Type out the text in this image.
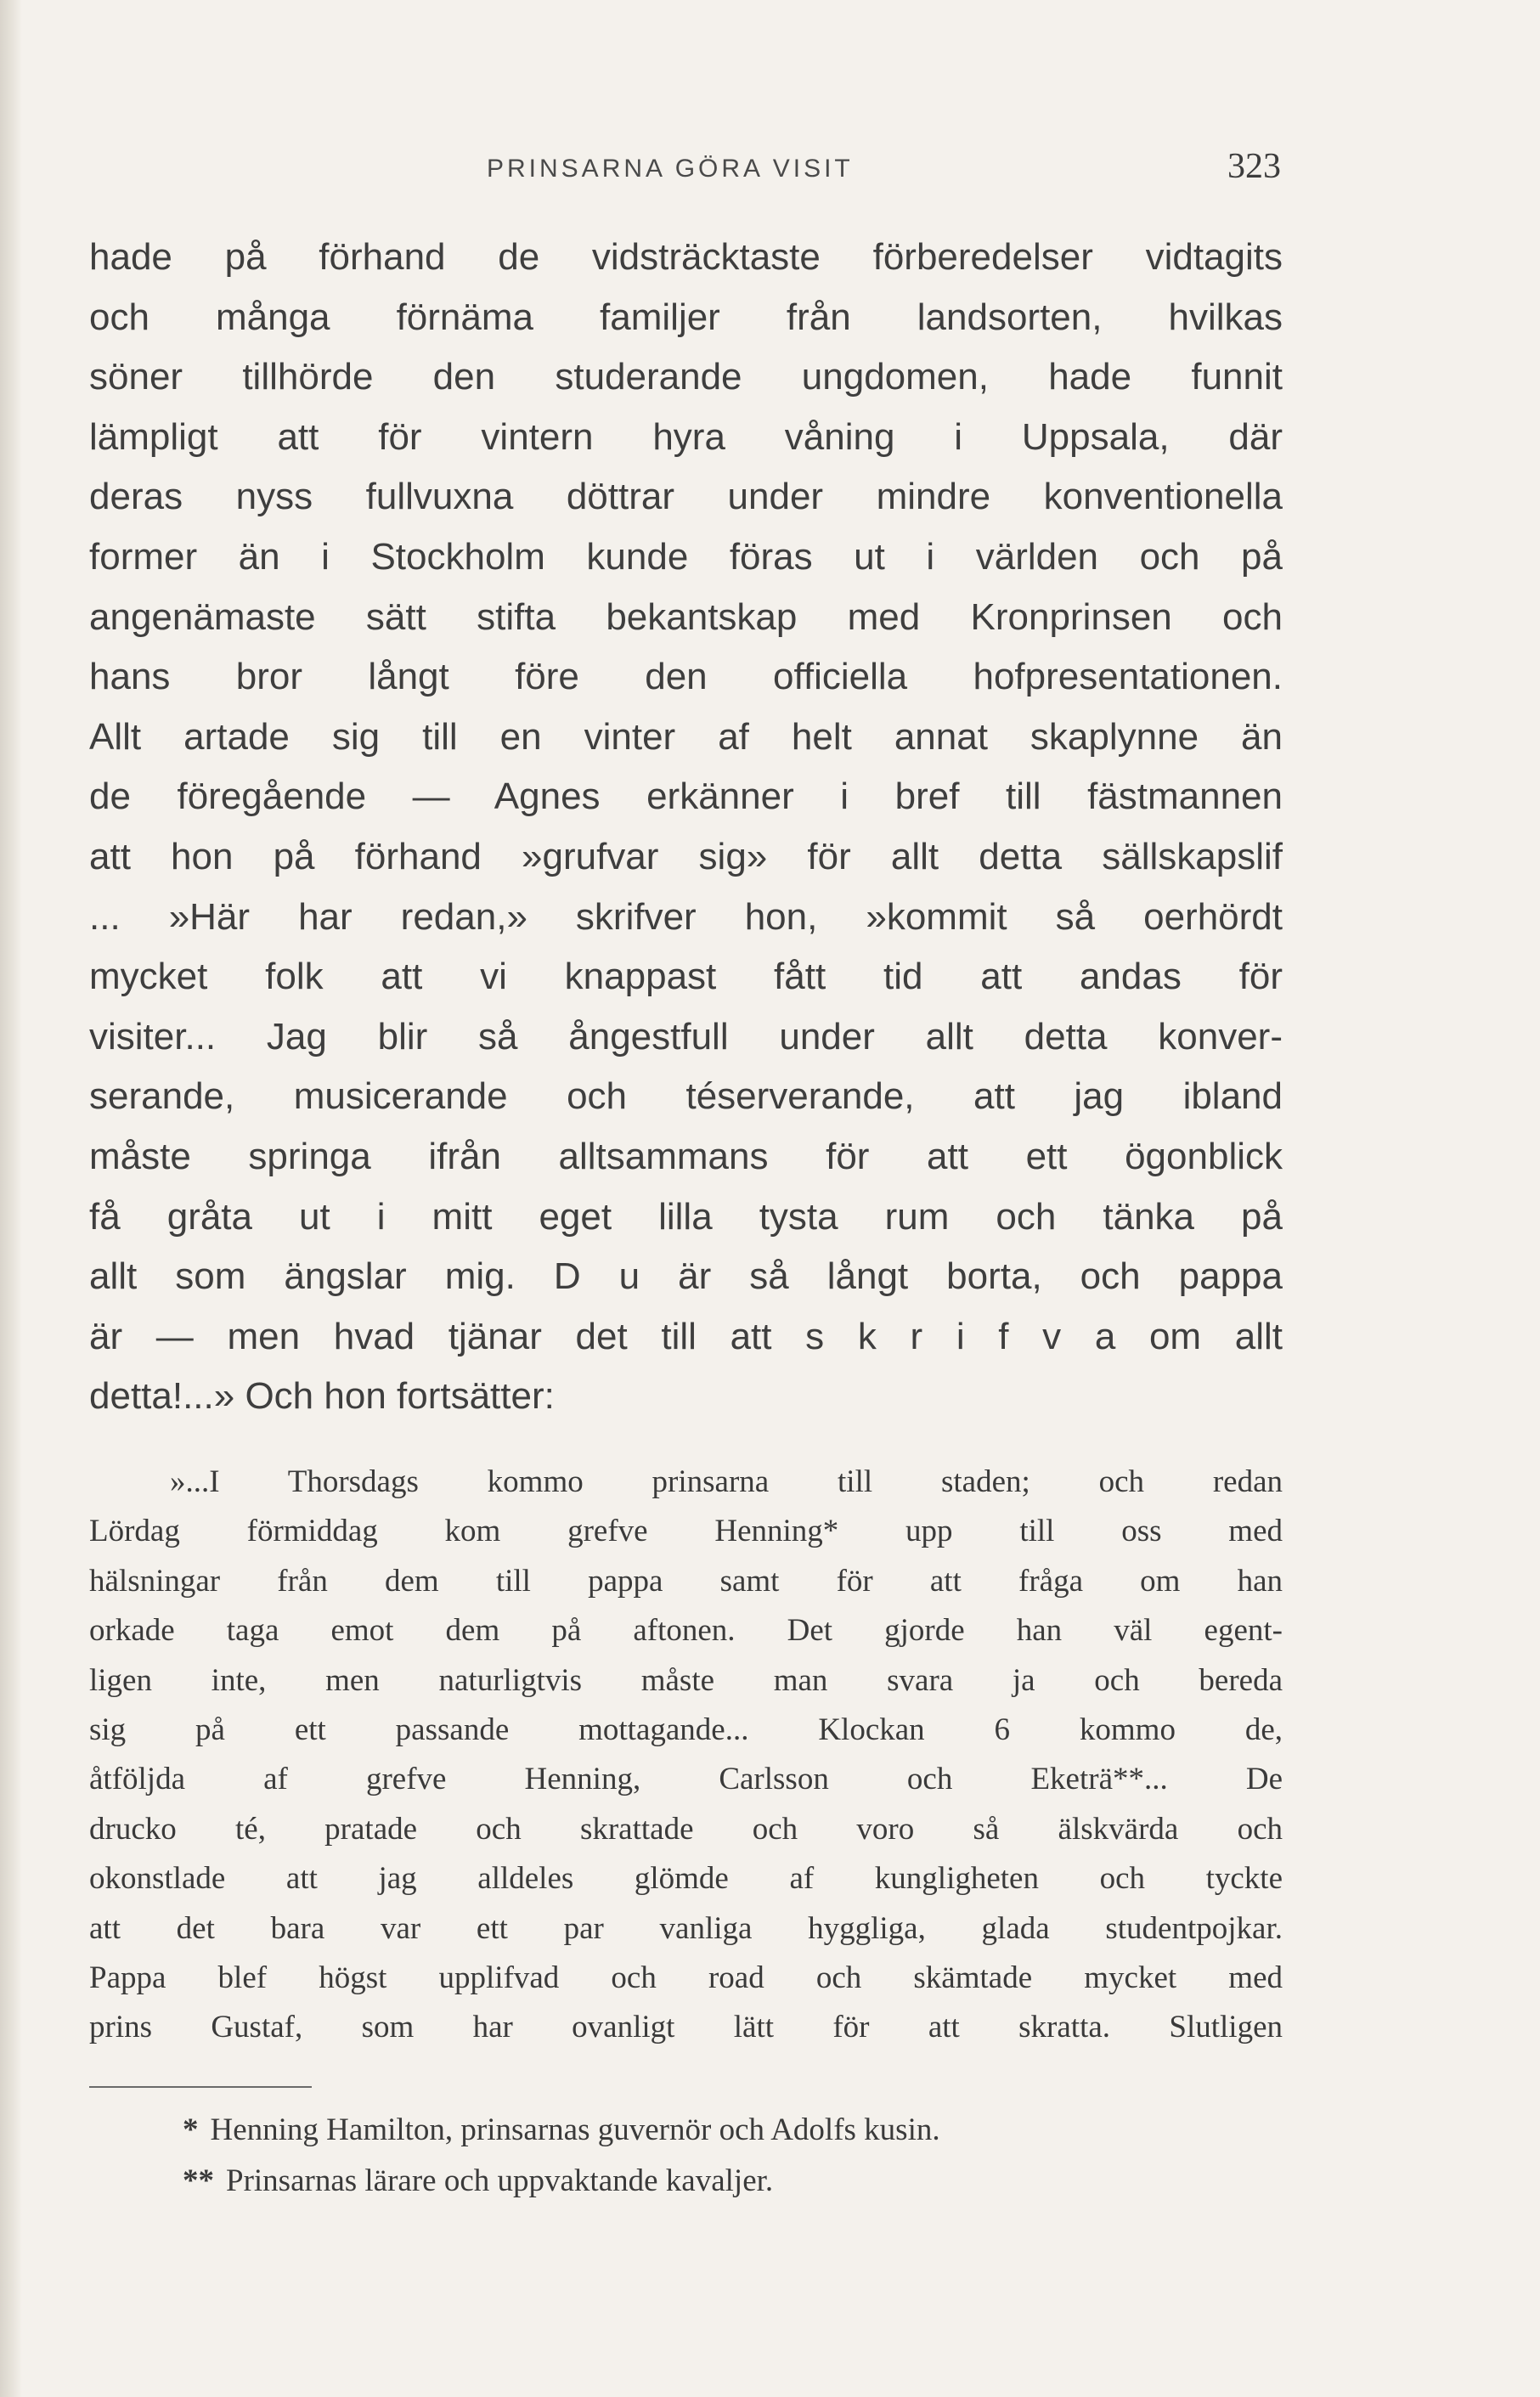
PRINSARNA GÖRA VISIT	323
hade på förhand de vidsträcktaste förberedelser vidtagits
och många förnäma familjer från landsorten, hvilkas
söner tillhörde den studerande ungdomen, hade funnit
lämpligt att för vintern hyra våning i Uppsala, där
deras nyss fullvuxna döttrar under mindre konventionella
former än i Stockholm kunde föras ut i världen och på
angenämaste sätt stifta bekantskap med Kronprinsen och
hans bror långt före den officiella hofpresentationen.
Allt artade sig till en vinter af helt annat skaplynne än
de föregående — Agnes erkänner i bref till fästmannen
att hon på förhand »grufvar sig» för allt detta sällskapslif
... »Här har redan,» skrifver hon, »kommit så oerhördt
mycket folk att vi knappast fått tid att andas för
visiter... Jag blir så ångestfull under allt detta konver-
serande, musicerande och téserverande, att jag ibland
måste springa ifrån alltsammans för att ett ögonblick
få gråta ut i mitt eget lilla tysta rum och tänka på
allt som ängslar mig. D u är så långt borta, och pappa
är — men hvad tjänar det till att s k r i f v a om allt
detta!...» Och hon fortsätter:
»...I Thorsdags kommo prinsarna till staden; och redan
Lördag förmiddag kom grefve Henning* upp till oss med
hälsningar från dem till pappa samt för att fråga om han
orkade taga emot dem på aftonen. Det gjorde han väl egent-
ligen inte, men naturligtvis måste man svara ja och bereda
sig på ett passande mottagande... Klockan 6 kommo de,
åtföljda af grefve Henning, Carlsson och Eketrä**... De
drucko té, pratade och skrattade och voro så älskvärda och
okonstlade att jag alldeles glömde af kungligheten och tyckte
att det bara var ett par vanliga hyggliga, glada studentpojkar.
Pappa blef högst upplifvad och road och skämtade mycket med
prins Gustaf, som har ovanligt lätt för att skratta. Slutligen
* Henning Hamilton, prinsarnas guvernör och Adolfs kusin.
** Prinsarnas lärare och uppvaktande kavaljer.
